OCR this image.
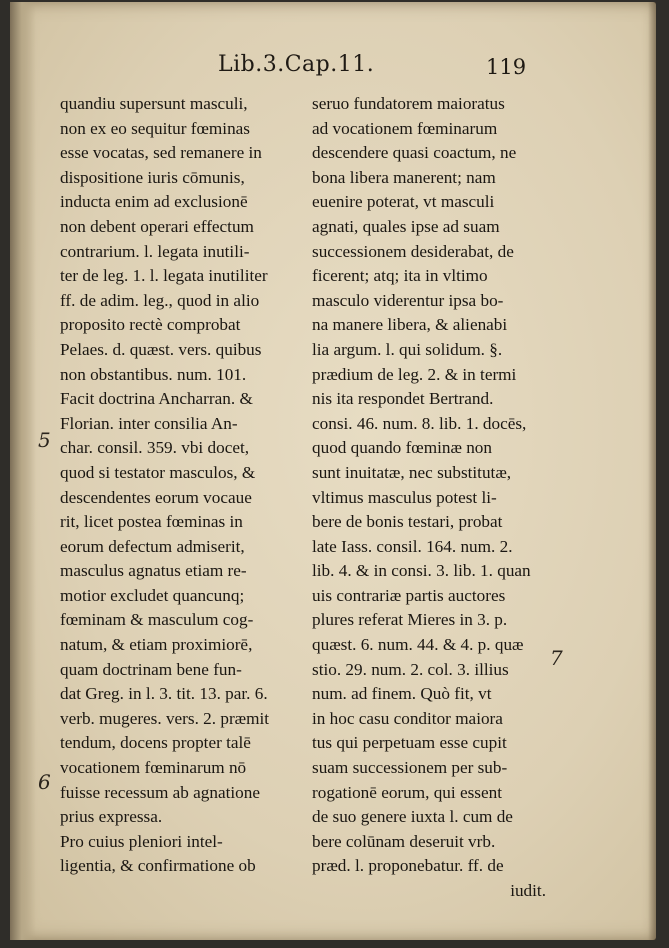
Lib.3.Cap.11.	119
5
6
7
quandiu supersunt masculi,
non ex eo sequitur fœminas
esse vocatas, sed remanere in
dispositione iuris cōmunis,
inducta enim ad exclusionē
non debent operari effectum
contrarium. l. legata inutili-
ter de leg. 1. l. legata inutiliter
ff. de adim. leg., quod in alio
proposito rectè comprobat
Pelaes. d. quæst. vers. quibus
non obstantibus. num. 101.
Facit doctrina Ancharran. &
Florian. inter consilia An-
char. consil. 359. vbi docet,
quod si testator masculos, &
descendentes eorum vocaue
rit, licet postea fœminas in
eorum defectum admiserit,
masculus agnatus etiam re-
motior excludet quancunq;
fœminam & masculum cog-
natum, & etiam proximiorē,
quam doctrinam bene fun-
dat Greg. in l. 3. tit. 13. par. 6.
verb. mugeres. vers. 2. præmit
tendum, docens propter talē
vocationem fœminarum nō
fuisse recessum ab agnatione
prius expressa.
Pro cuius pleniori intel-
ligentia, & confirmatione ob
seruo fundatorem maioratus
ad vocationem fœminarum
descendere quasi coactum, ne
bona libera manerent; nam
euenire poterat, vt masculi
agnati, quales ipse ad suam
successionem desiderabat, de
ficerent; atq; ita in vltimo
masculo viderentur ipsa bo-
na manere libera, & alienabi
lia argum. l. qui solidum. §.
prædium de leg. 2. & in termi
nis ita respondet Bertrand.
consi. 46. num. 8. lib. 1. docēs,
quod quando fœminæ non
sunt inuitatæ, nec substitutæ,
vltimus masculus potest li-
bere de bonis testari, probat
late Iass. consil. 164. num. 2.
lib. 4. & in consi. 3. lib. 1. quan
uis contrariæ partis auctores
plures referat Mieres in 3. p.
quæst. 6. num. 44. & 4. p. quæ
stio. 29. num. 2. col. 3. illius
num. ad finem. Quò fit, vt
in hoc casu conditor maiora
tus qui perpetuam esse cupit
suam successionem per sub-
rogationē eorum, qui essent
de suo genere iuxta l. cum de
bere colūnam deseruit vrb.
præd. l. proponebatur. ff. de
iudit.
